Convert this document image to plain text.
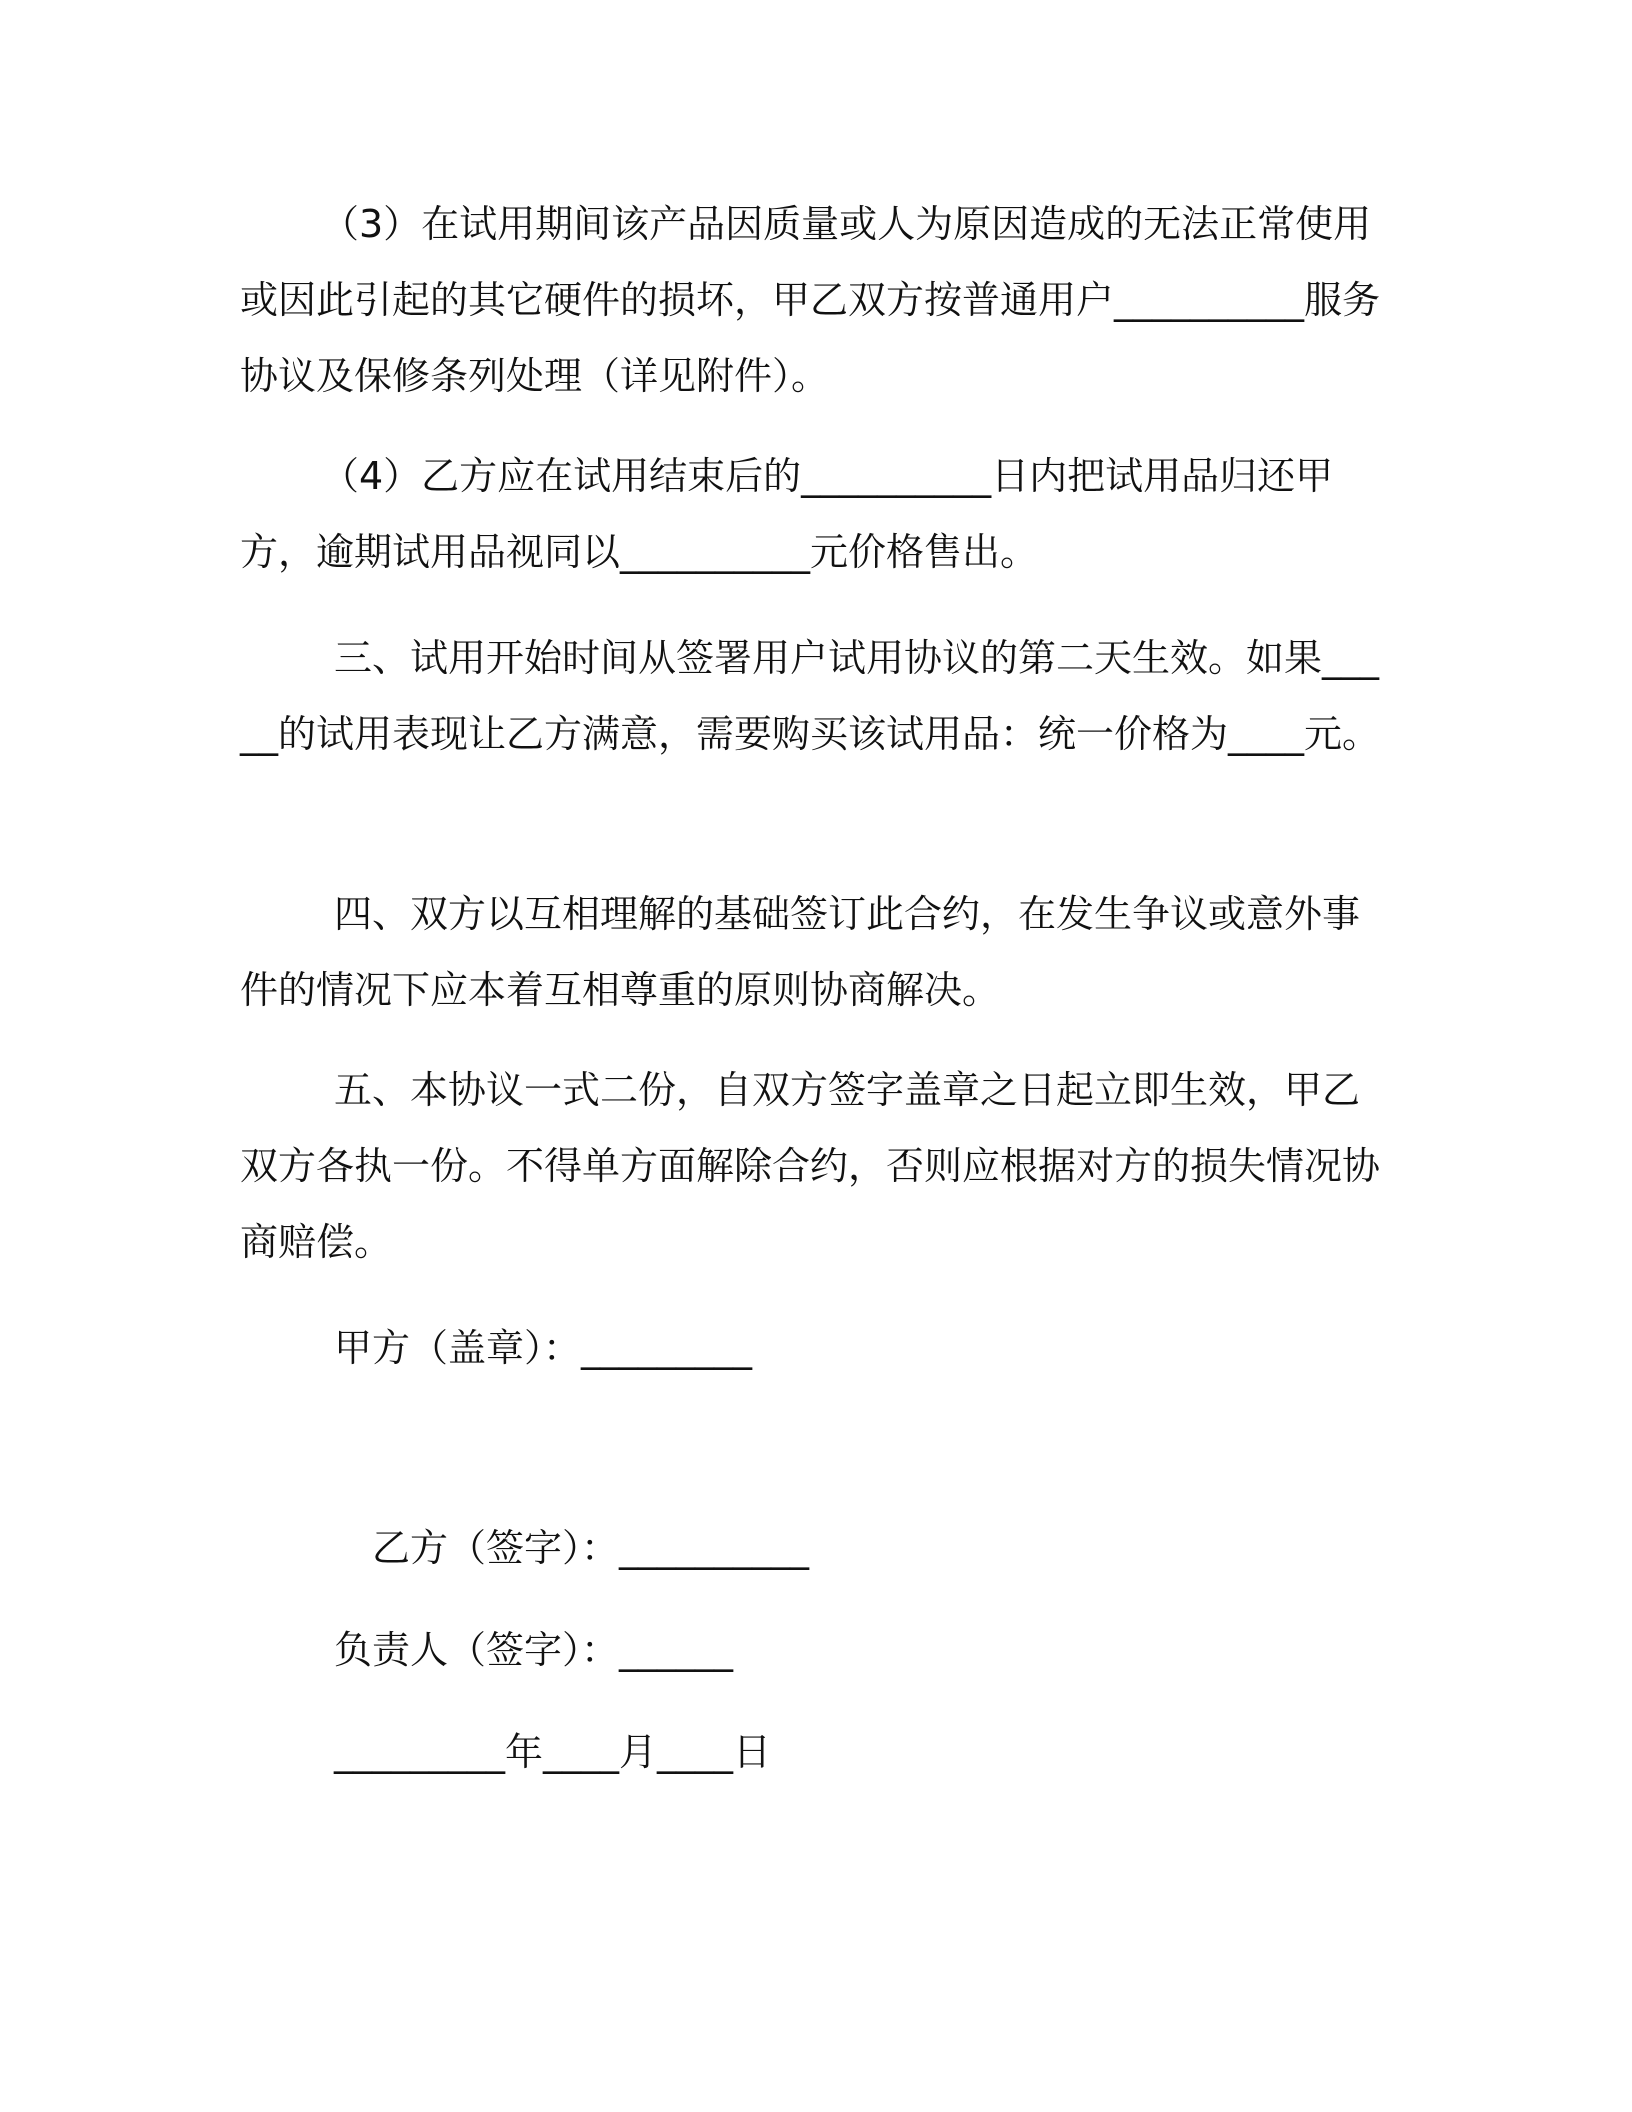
　（3）在试用期间该产品因质量或人为原因造成的无法正常使用或因此引起的其它硬件的损坏，甲乙双方按普通用户__________服务协议及保修条列处理（详见附件）。

　（4）乙方应在试用结束后的__________日内把试用品归还甲方，逾期试用品视同以__________元价格售出。

三、试用开始时间从签署用户试用协议的第二天生效。如果_____的试用表现让乙方满意，需要购买该试用品：统一价格为____元。

四、双方以互相理解的基础签订此合约，在发生争议或意外事件的情况下应本着互相尊重的原则协商解决。

五、本协议一式二份，自双方签字盖章之日起立即生效，甲乙双方各执一份。不得单方面解除合约，否则应根据对方的损失情况协商赔偿。

甲方（盖章）：_________

乙方（签字）：__________

负责人（签字）：______

_________年____月____日
